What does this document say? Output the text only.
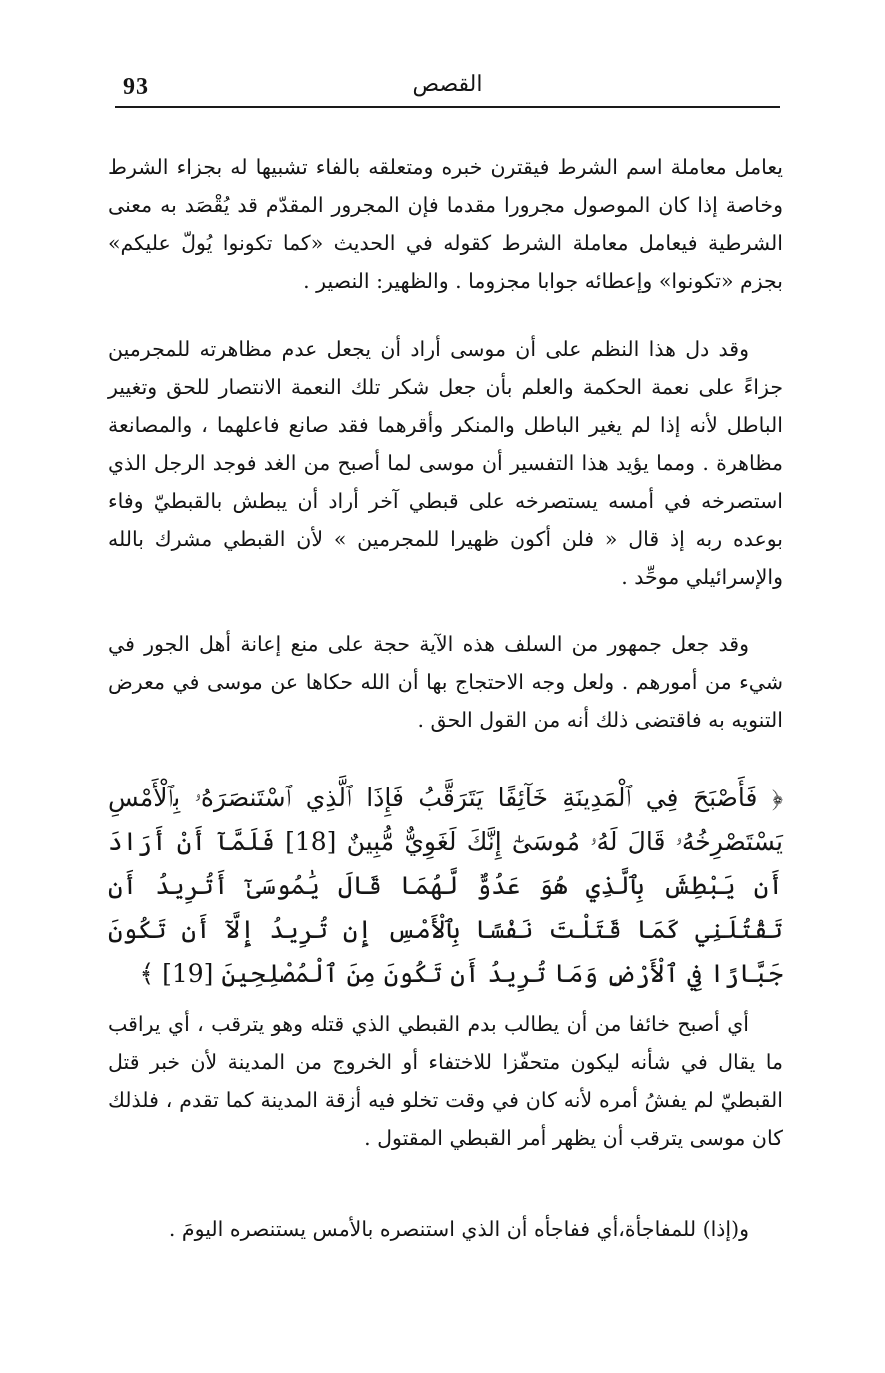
93	القصص

يعامل معاملة اسم الشرط فيقترن خبره ومتعلقه بالفاء تشبيها له بجزاء الشرط وخاصة إذا كان الموصول مجرورا مقدما فإن المجرور المقدّم قد يُقْصَد به معنى الشرطية فيعامل معاملة الشرط كقوله في الحديث «كما تكونوا يُولّ عليكم» بجزم «تكونوا» وإعطائه جوابا مجزوما . والظهير: النصير .

وقد دل هذا النظم على أن موسى أراد أن يجعل عدم مظاهرته للمجرمين جزاءً على نعمة الحكمة والعلم بأن جعل شكر تلك النعمة الانتصار للحق وتغيير الباطل لأنه إذا لم يغير الباطل والمنكر وأقرهما فقد صانع فاعلهما ، والمصانعة مظاهرة . ومما يؤيد هذا التفسير أن موسى لما أصبح من الغد فوجد الرجل الذي استصرخه في أمسه يستصرخه على قبطي آخر أراد أن يبطش بالقبطيّ وفاء بوعده ربه إذ قال « فلن أكون ظهيرا للمجرمين » لأن القبطي مشرك بالله والإسرائيلي موحِّد .

وقد جعل جمهور من السلف هذه الآية حجة على منع إعانة أهل الجور في شيء من أمورهم . ولعل وجه الاحتجاج بها أن الله حكاها عن موسى في معرض التنويه به فاقتضى ذلك أنه من القول الحق .

﴿ فَأَصْبَحَ فِي ٱلْمَدِينَةِ خَآئِفًا يَتَرَقَّبُ فَإِذَا ٱلَّذِي ٱسْتَنصَرَهُۥ بِٱلْأَمْسِ يَسْتَصْرِخُهُۥ قَالَ لَهُۥ مُوسَىٰٓ إِنَّكَ لَغَوِيٌّ مُّبِينٌ [18] فَلَمَّآ أَنْ أَرَادَ أَن يَبْطِشَ بِٱلَّذِي هُوَ عَدُوٌّ لَّهُمَا قَالَ يَٰمُوسَىٰٓ أَتُرِيدُ أَن تَقْتُلَنِي كَمَا قَتَلْتَ نَفْسًا بِٱلْأَمْسِ إِن تُرِيدُ إِلَّآ أَن تَكُونَ جَبَّارًا فِي ٱلْأَرْضِ وَمَا تُرِيدُ أَن تَكُونَ مِنَ ٱلْمُصْلِحِينَ [19] ﴾

أي أصبح خائفا من أن يطالب بدم القبطي الذي قتله وهو يترقب ، أي يراقب ما يقال في شأنه ليكون متحفّزا للاختفاء أو الخروج من المدينة لأن خبر قتل القبطيّ لم يفشُ أمره لأنه كان في وقت تخلو فيه أزقة المدينة كما تقدم ، فلذلك كان موسى يترقب أن يظهر أمر القبطي المقتول .

و(إذا) للمفاجأة،أي ففاجأه أن الذي استنصره بالأمس يستنصره اليومَ .
